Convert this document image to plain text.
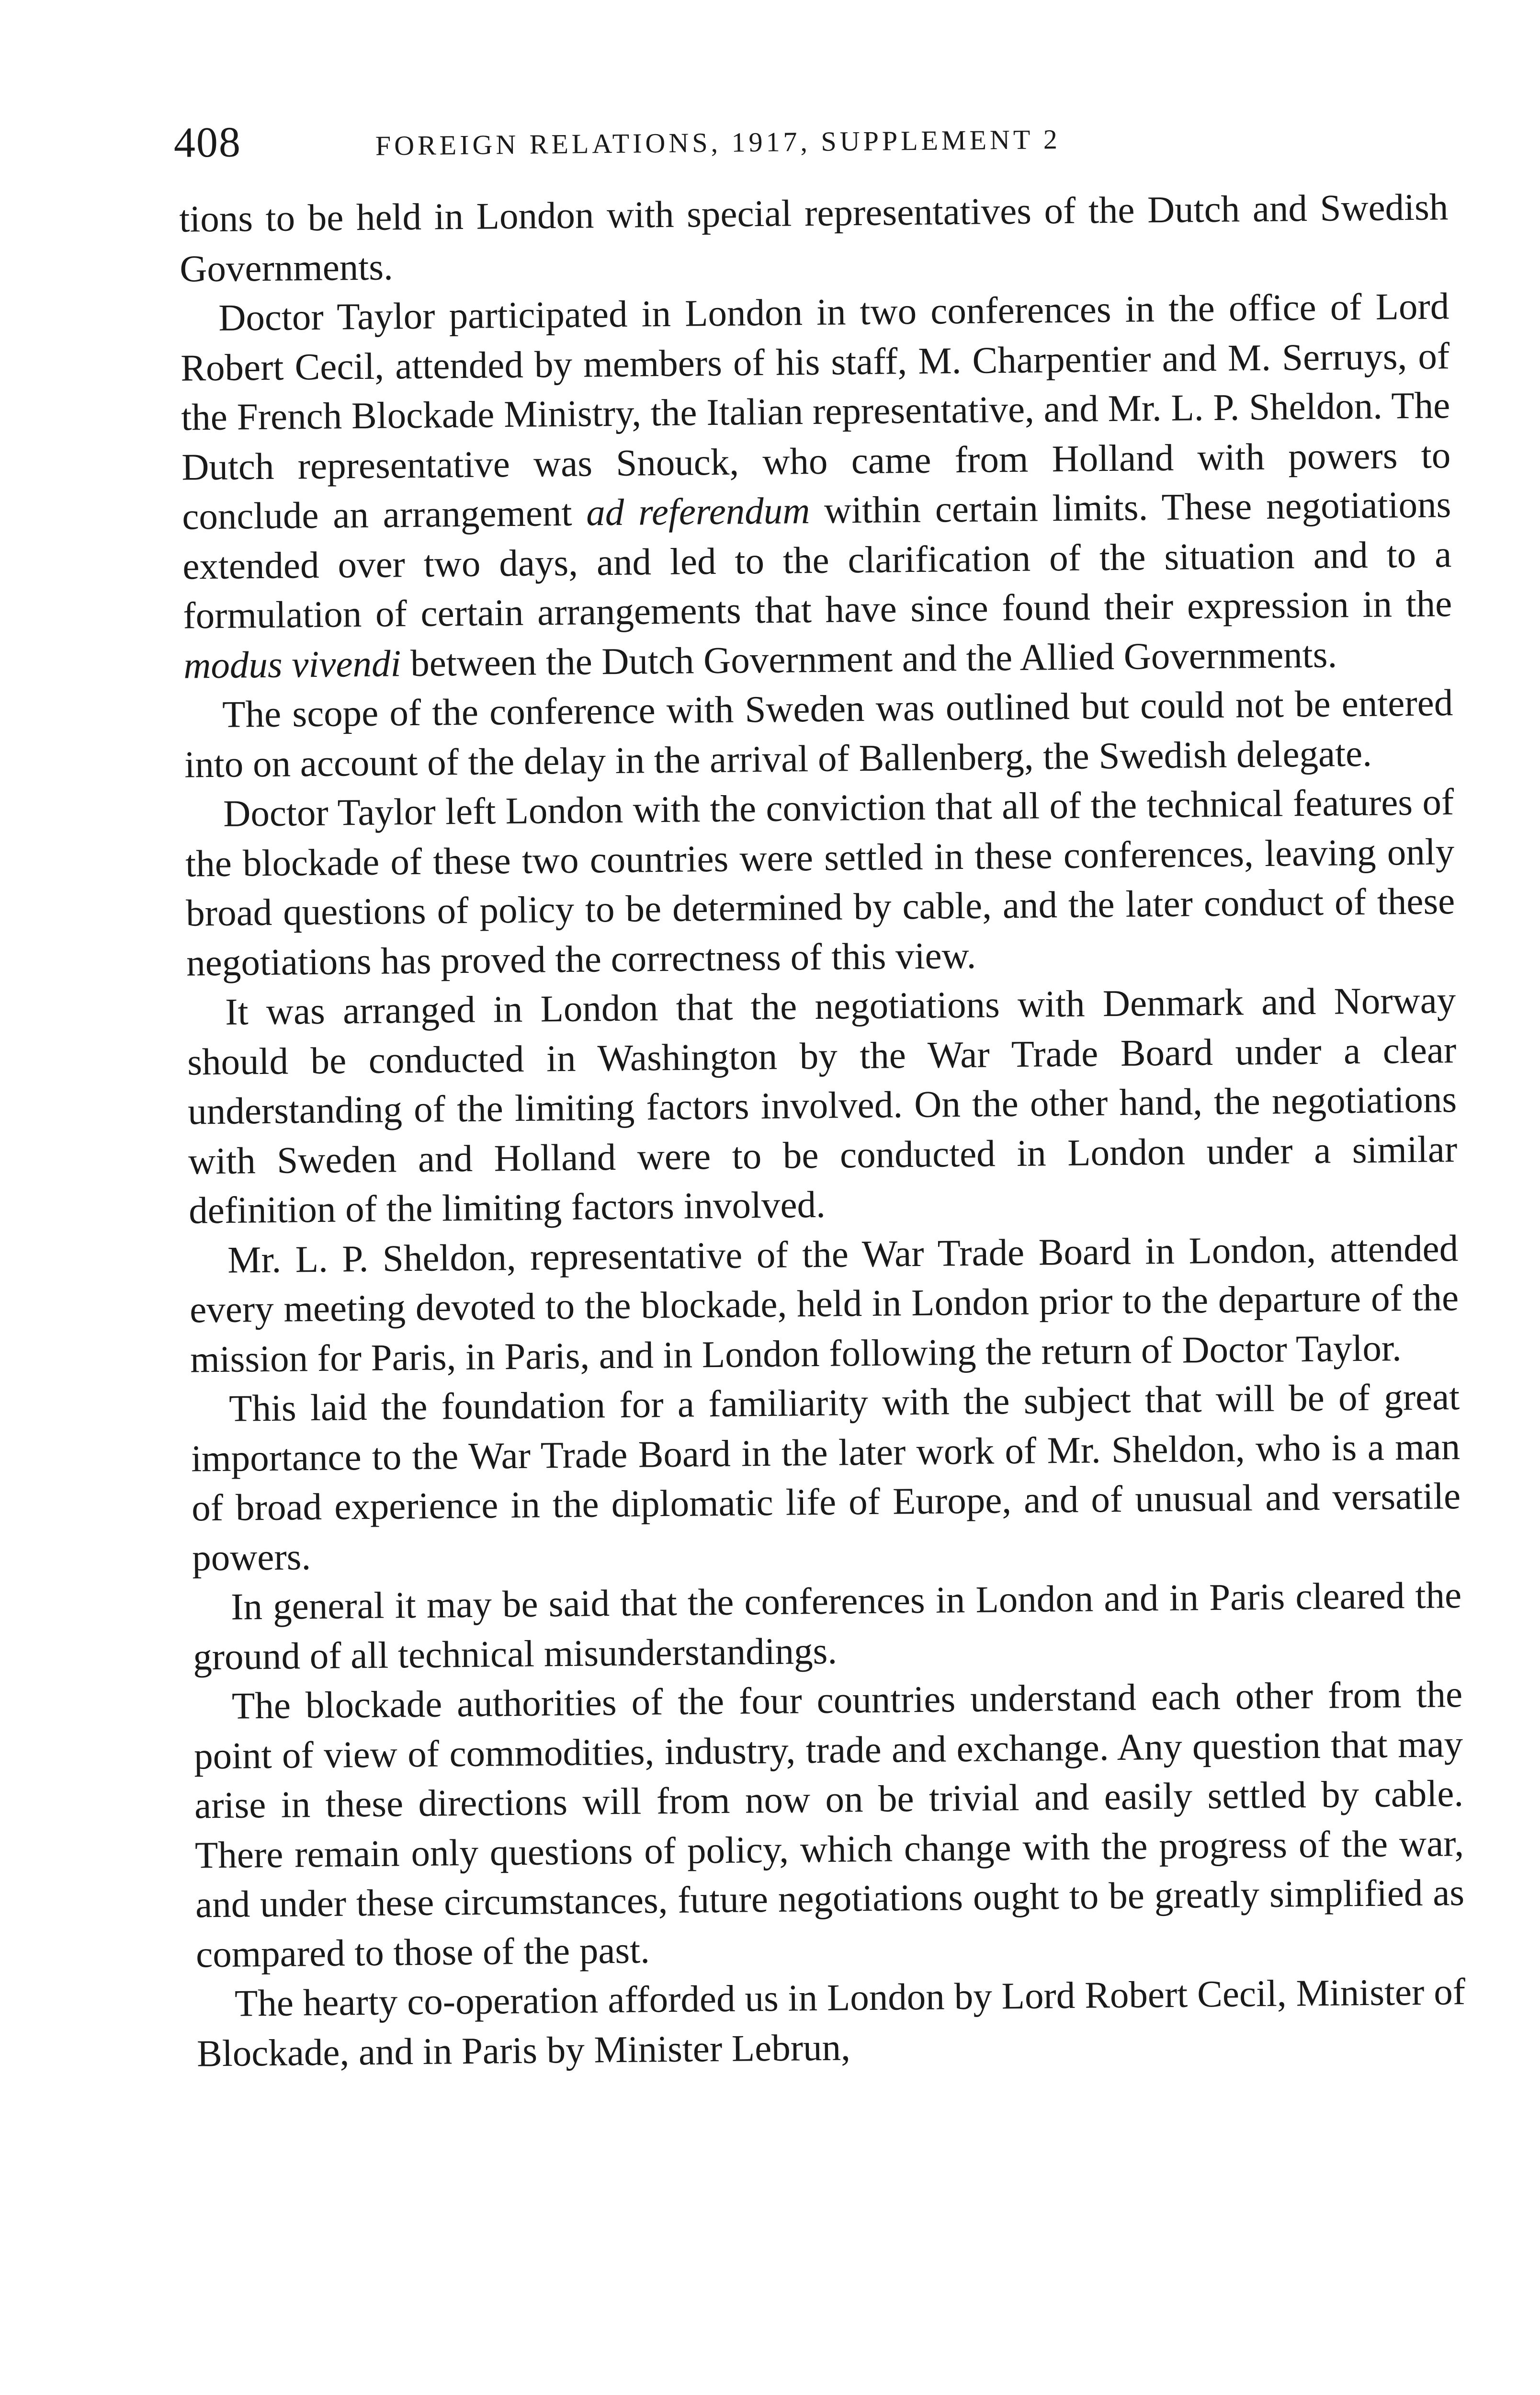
408	FOREIGN RELATIONS, 1917, SUPPLEMENT 2

tions to be held in London with special representatives of the Dutch and Swedish Governments.

Doctor Taylor participated in London in two conferences in the office of Lord Robert Cecil, attended by members of his staff, M. Charpentier and M. Serruys, of the French Blockade Ministry, the Italian representative, and Mr. L. P. Sheldon. The Dutch representative was Snouck, who came from Holland with powers to conclude an arrangement ad referendum within certain limits. These negotiations extended over two days, and led to the clarification of the situation and to a formulation of certain arrangements that have since found their expression in the modus vivendi between the Dutch Government and the Allied Governments.

The scope of the conference with Sweden was outlined but could not be entered into on account of the delay in the arrival of Ballenberg, the Swedish delegate.

Doctor Taylor left London with the conviction that all of the technical features of the blockade of these two countries were settled in these conferences, leaving only broad questions of policy to be determined by cable, and the later conduct of these negotiations has proved the correctness of this view.

It was arranged in London that the negotiations with Denmark and Norway should be conducted in Washington by the War Trade Board under a clear understanding of the limiting factors involved. On the other hand, the negotiations with Sweden and Holland were to be conducted in London under a similar definition of the limiting factors involved.

Mr. L. P. Sheldon, representative of the War Trade Board in London, attended every meeting devoted to the blockade, held in London prior to the departure of the mission for Paris, in Paris, and in London following the return of Doctor Taylor.

This laid the foundation for a familiarity with the subject that will be of great importance to the War Trade Board in the later work of Mr. Sheldon, who is a man of broad experience in the diplomatic life of Europe, and of unusual and versatile powers.

In general it may be said that the conferences in London and in Paris cleared the ground of all technical misunderstandings.

The blockade authorities of the four countries understand each other from the point of view of commodities, industry, trade and exchange. Any question that may arise in these directions will from now on be trivial and easily settled by cable. There remain only questions of policy, which change with the progress of the war, and under these circumstances, future negotiations ought to be greatly simplified as compared to those of the past.

The hearty co-operation afforded us in London by Lord Robert Cecil, Minister of Blockade, and in Paris by Minister Lebrun,
